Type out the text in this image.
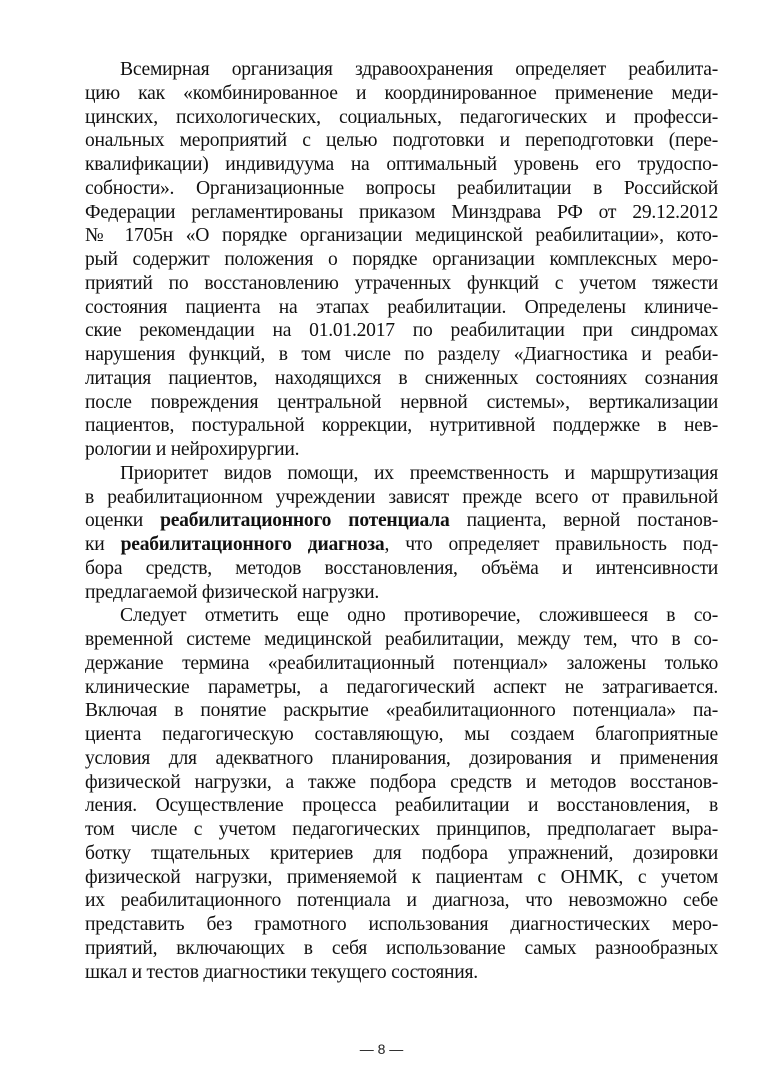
Всемирная организация здравоохранения определяет реабилита-
цию как «комбинированное и координированное применение меди-
цинских, психологических, социальных, педагогических и професси-
ональных мероприятий с целью подготовки и переподготовки (пере-
квалификации) индивидуума на оптимальный уровень его трудоспо-
собности». Организационные вопросы реабилитации в Российской
Федерации регламентированы приказом Минздрава РФ от 29.12.2012
№ 1705н «О порядке организации медицинской реабилитации», кото-
рый содержит положения о порядке организации комплексных меро-
приятий по восстановлению утраченных функций с учетом тяжести
состояния пациента на этапах реабилитации. Определены клиниче-
ские рекомендации на 01.01.2017 по реабилитации при синдромах
нарушения функций, в том числе по разделу «Диагностика и реаби-
литация пациентов, находящихся в сниженных состояниях сознания
после повреждения центральной нервной системы», вертикализации
пациентов, постуральной коррекции, нутритивной поддержке в нев-
рологии и нейрохирургии.
Приоритет видов помощи, их преемственность и маршрутизация
в реабилитационном учреждении зависят прежде всего от правильной
оценки реабилитационного потенциала пациента, верной постанов-
ки реабилитационного диагноза, что определяет правильность под-
бора средств, методов восстановления, объёма и интенсивности
предлагаемой физической нагрузки.
Следует отметить еще одно противоречие, сложившееся в со-
временной системе медицинской реабилитации, между тем, что в со-
держание термина «реабилитационный потенциал» заложены только
клинические параметры, а педагогический аспект не затрагивается.
Включая в понятие раскрытие «реабилитационного потенциала» па-
циента педагогическую составляющую, мы создаем благоприятные
условия для адекватного планирования, дозирования и применения
физической нагрузки, а также подбора средств и методов восстанов-
ления. Осуществление процесса реабилитации и восстановления, в
том числе с учетом педагогических принципов, предполагает выра-
ботку тщательных критериев для подбора упражнений, дозировки
физической нагрузки, применяемой к пациентам с ОНМК, с учетом
их реабилитационного потенциала и диагноза, что невозможно себе
представить без грамотного использования диагностических меро-
приятий, включающих в себя использование самых разнообразных
шкал и тестов диагностики текущего состояния.
— 8 —
